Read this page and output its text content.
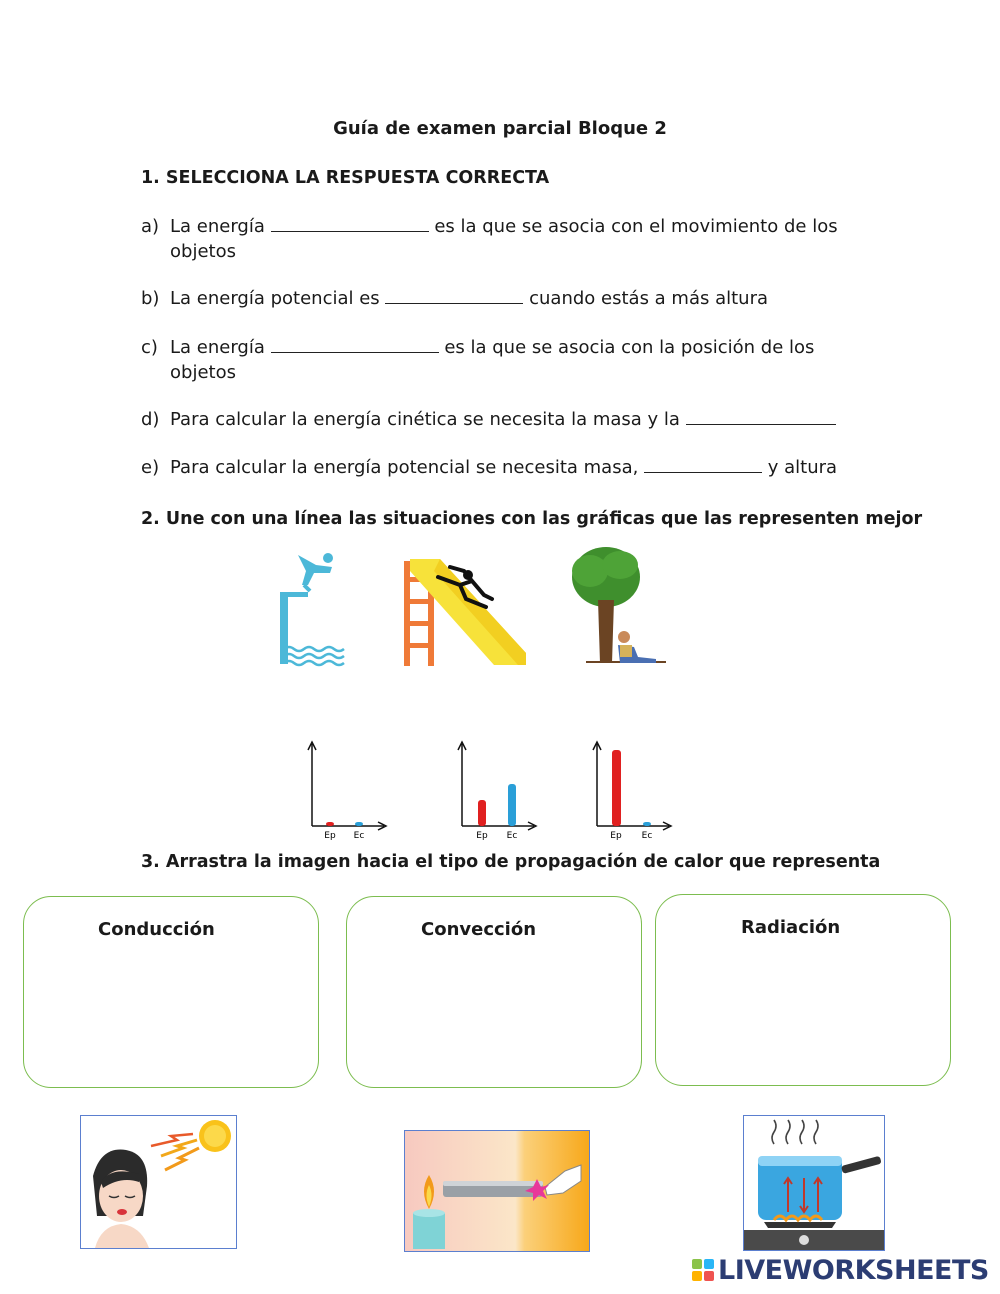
Guía de examen parcial Bloque 2
1. SELECCIONA LA RESPUESTA CORRECTA
a) La energía	es la que se asocia con el movimiento de los
objetos
b) La energía potencial es	cuando estás a más altura
c) La energía	es la que se asocia con la posición de los
objetos
d) Para calcular la energía cinética se necesita la masa y la
e) Para calcular la energía potencial se necesita masa,	y altura
2. Une con una línea las situaciones con las gráficas que las representen mejor
Ep Ec	Ep Ec	Ep Ec
3. Arrastra la imagen hacia el tipo de propagación de calor que representa
Conducción	Convección	Radiación
LIVEWORKSHEETS
